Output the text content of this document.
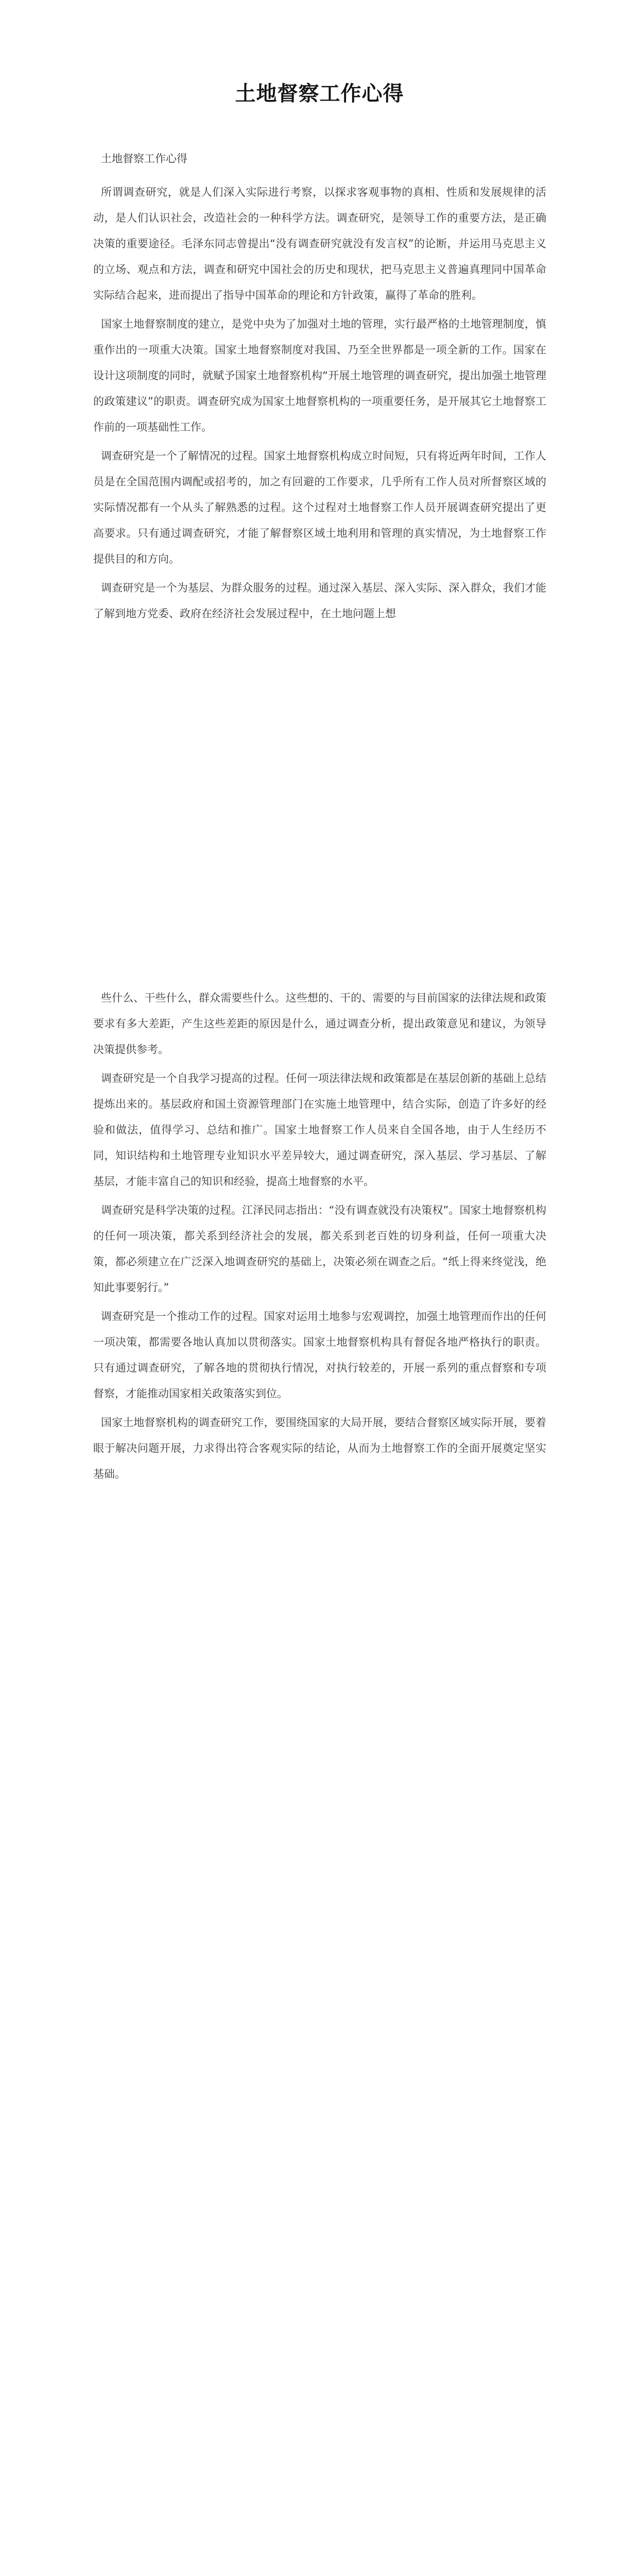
土地督察工作心得
土地督察工作心得

所谓调查研究，就是人们深入实际进行考察，以探求客观事物的真相、性质和发展规律的活动，是人们认识社会，改造社会的一种科学方法。调查研究，是领导工作的重要方法，是正确决策的重要途径。毛泽东同志曾提出“没有调查研究就没有发言权”的论断，并运用马克思主义的立场、观点和方法，调查和研究中国社会的历史和现状，把马克思主义普遍真理同中国革命实际结合起来，进而提出了指导中国革命的理论和方针政策，赢得了革命的胜利。

国家土地督察制度的建立，是党中央为了加强对土地的管理，实行最严格的土地管理制度，慎重作出的一项重大决策。国家土地督察制度对我国、乃至全世界都是一项全新的工作。国家在设计这项制度的同时，就赋予国家土地督察机构“开展土地管理的调查研究，提出加强土地管理的政策建议”的职责。调查研究成为国家土地督察机构的一项重要任务，是开展其它土地督察工作前的一项基础性工作。

调查研究是一个了解情况的过程。国家土地督察机构成立时间短，只有将近两年时间，工作人员是在全国范围内调配或招考的，加之有回避的工作要求，几乎所有工作人员对所督察区域的实际情况都有一个从头了解熟悉的过程。这个过程对土地督察工作人员开展调查研究提出了更高要求。只有通过调查研究，才能了解督察区域土地利用和管理的真实情况，为土地督察工作提供目的和方向。

调查研究是一个为基层、为群众服务的过程。通过深入基层、深入实际、深入群众，我们才能了解到地方党委、政府在经济社会发展过程中，在土地问题上想

些什么、干些什么，群众需要些什么。这些想的、干的、需要的与目前国家的法律法规和政策要求有多大差距，产生这些差距的原因是什么，通过调查分析，提出政策意见和建议，为领导决策提供参考。

调查研究是一个自我学习提高的过程。任何一项法律法规和政策都是在基层创新的基础上总结提炼出来的。基层政府和国土资源管理部门在实施土地管理中，结合实际，创造了许多好的经验和做法，值得学习、总结和推广。国家土地督察工作人员来自全国各地，由于人生经历不同，知识结构和土地管理专业知识水平差异较大，通过调查研究，深入基层、学习基层、了解基层，才能丰富自己的知识和经验，提高土地督察的水平。

调查研究是科学决策的过程。江泽民同志指出：“没有调查就没有决策权”。国家土地督察机构的任何一项决策，都关系到经济社会的发展，都关系到老百姓的切身利益，任何一项重大决策，都必须建立在广泛深入地调查研究的基础上，决策必须在调查之后。“纸上得来终觉浅，绝知此事要躬行。”

调查研究是一个推动工作的过程。国家对运用土地参与宏观调控，加强土地管理而作出的任何一项决策，都需要各地认真加以贯彻落实。国家土地督察机构具有督促各地严格执行的职责。只有通过调查研究，了解各地的贯彻执行情况，对执行较差的，开展一系列的重点督察和专项督察，才能推动国家相关政策落实到位。

国家土地督察机构的调查研究工作，要围绕国家的大局开展，要结合督察区域实际开展，要着眼于解决问题开展，力求得出符合客观实际的结论，从而为土地督察工作的全面开展奠定坚实基础。
